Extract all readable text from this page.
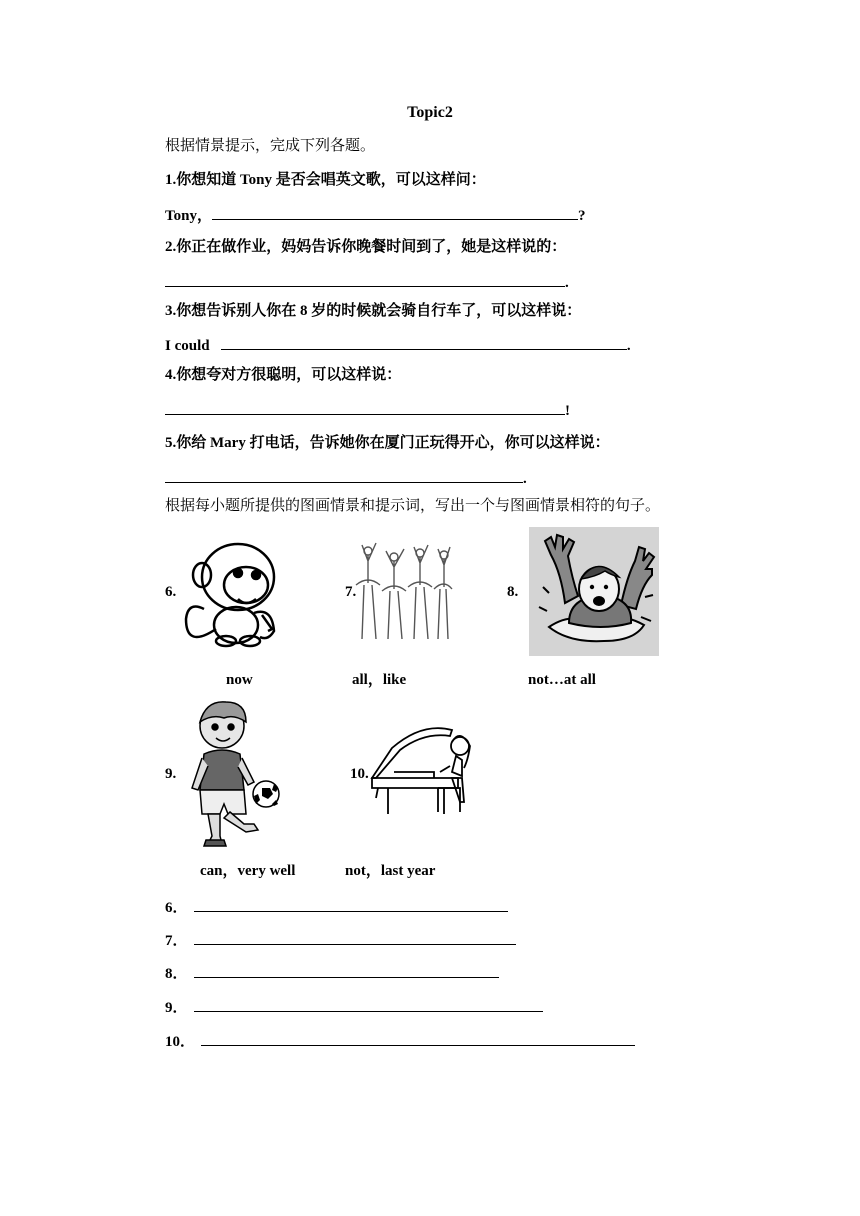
Topic2
根据情景提示，完成下列各题。
1.你想知道 Tony 是否会唱英文歌，可以这样问：
Tony，	?
2.你正在做作业，妈妈告诉你晚餐时间到了，她是这样说的：
.
3.你想告诉别人你在 8 岁的时候就会骑自行车了，可以这样说：
I could	.
4.你想夸对方很聪明，可以这样说：
!
5.你给 Mary 打电话，告诉她你在厦门正玩得开心，你可以这样说：
.
根据每小题所提供的图画情景和提示词，写出一个与图画情景相符的句子。
6.
now
7.
all，like
8.
not…at all
9.
can，very well
10.
not，last year
6．
7．
8．
9．
10．
